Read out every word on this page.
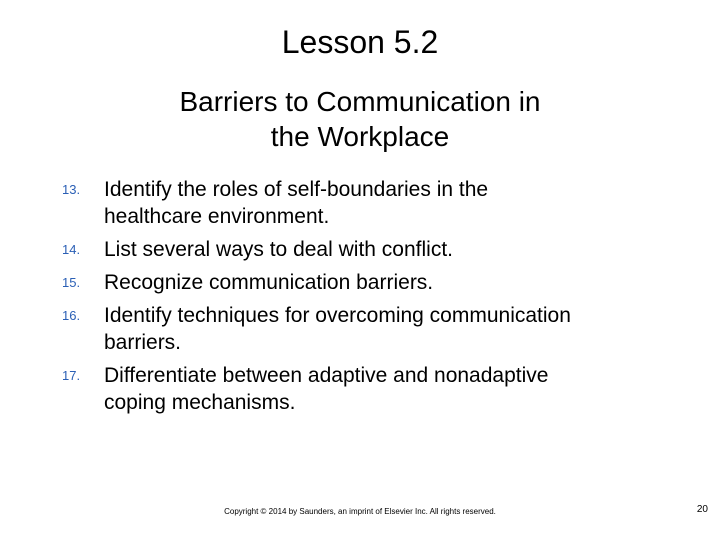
Lesson 5.2
Barriers to Communication in
the Workplace
13. Identify the roles of self-boundaries in the
healthcare environment.
14. List several ways to deal with conflict.
15. Recognize communication barriers.
16. Identify techniques for overcoming communication
barriers.
17. Differentiate between adaptive and nonadaptive
coping mechanisms.
Copyright © 2014 by Saunders, an imprint of Elsevier Inc. All rights reserved.	20
